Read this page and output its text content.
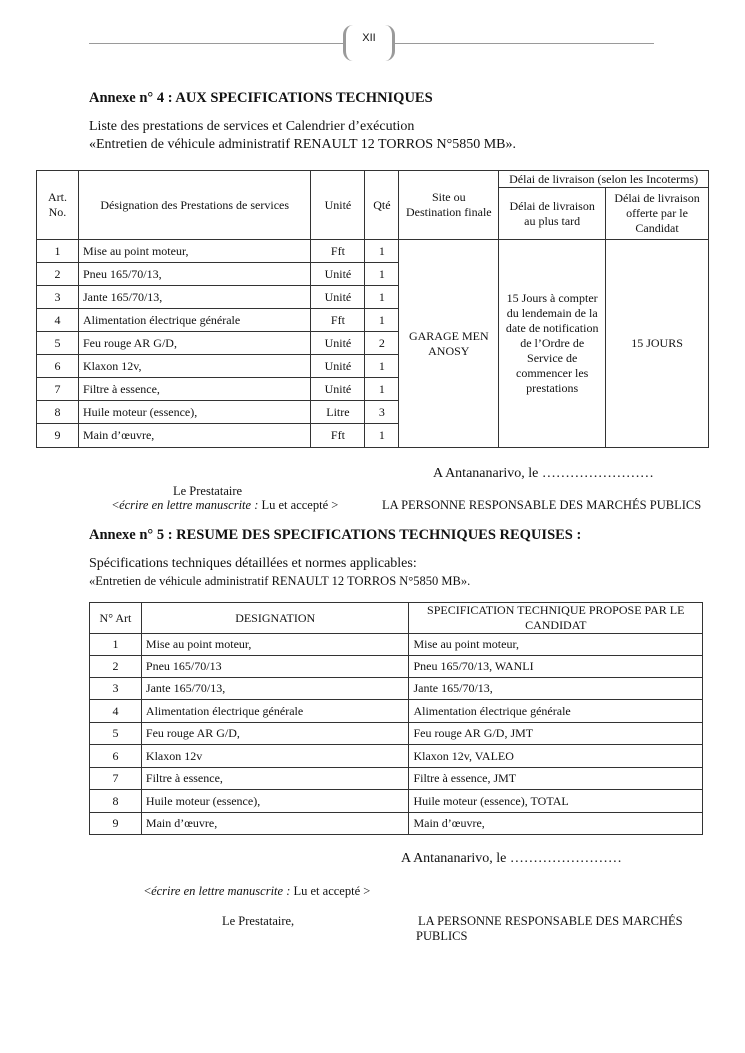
XII
Annexe n° 4 : AUX SPECIFICATIONS TECHNIQUES
Liste des prestations de services et Calendrier d’exécution
«Entretien de véhicule administratif RENAULT 12 TORROS N°5850 MB».
Art. No.	Désignation des Prestations de services	Unité	Qté	Site ou Destination finale	Délai de livraison (selon les Incoterms)	
					Délai de livraison au plus tard	Délai de livraison offerte par le Candidat
1	Mise au point moteur,	Fft	1	GARAGE MEN ANOSY	15 Jours à compter du lendemain de la date de notification de l’Ordre de Service de commencer les prestations	15 JOURS
2	Pneu 165/70/13,	Unité	1			
3	Jante 165/70/13,	Unité	1			
4	Alimentation électrique générale	Fft	1			
5	Feu rouge AR G/D,	Unité	2			
6	Klaxon 12v,	Unité	1			
7	Filtre à essence,	Unité	1			
8	Huile moteur (essence),	Litre	3			
9	Main d’œuvre,	Fft	1			
A Antananarivo, le ……………………
Le Prestataire
<écrire en lettre manuscrite : Lu et accepté >	LA PERSONNE RESPONSABLE DES MARCHÉS PUBLICS
Annexe n° 5 : RESUME DES SPECIFICATIONS TECHNIQUES REQUISES :
Spécifications techniques détaillées et normes applicables:
«Entretien de véhicule administratif RENAULT 12 TORROS N°5850 MB».
N° Art	DESIGNATION	SPECIFICATION TECHNIQUE PROPOSE PAR LE CANDIDAT
1	Mise au point moteur,	Mise au point moteur,
2	Pneu 165/70/13	Pneu 165/70/13, WANLI
3	Jante 165/70/13,	Jante 165/70/13,
4	Alimentation électrique générale	Alimentation électrique générale
5	Feu rouge AR G/D,	Feu rouge AR G/D, JMT
6	Klaxon 12v	Klaxon 12v, VALEO
7	Filtre à essence,	Filtre à essence, JMT
8	Huile moteur (essence),	Huile moteur (essence), TOTAL
9	Main d’œuvre,	Main d’œuvre,
A Antananarivo, le ……………………
<écrire en lettre manuscrite : Lu et accepté >
Le Prestataire,	LA PERSONNE RESPONSABLE DES MARCHÉS
PUBLICS
